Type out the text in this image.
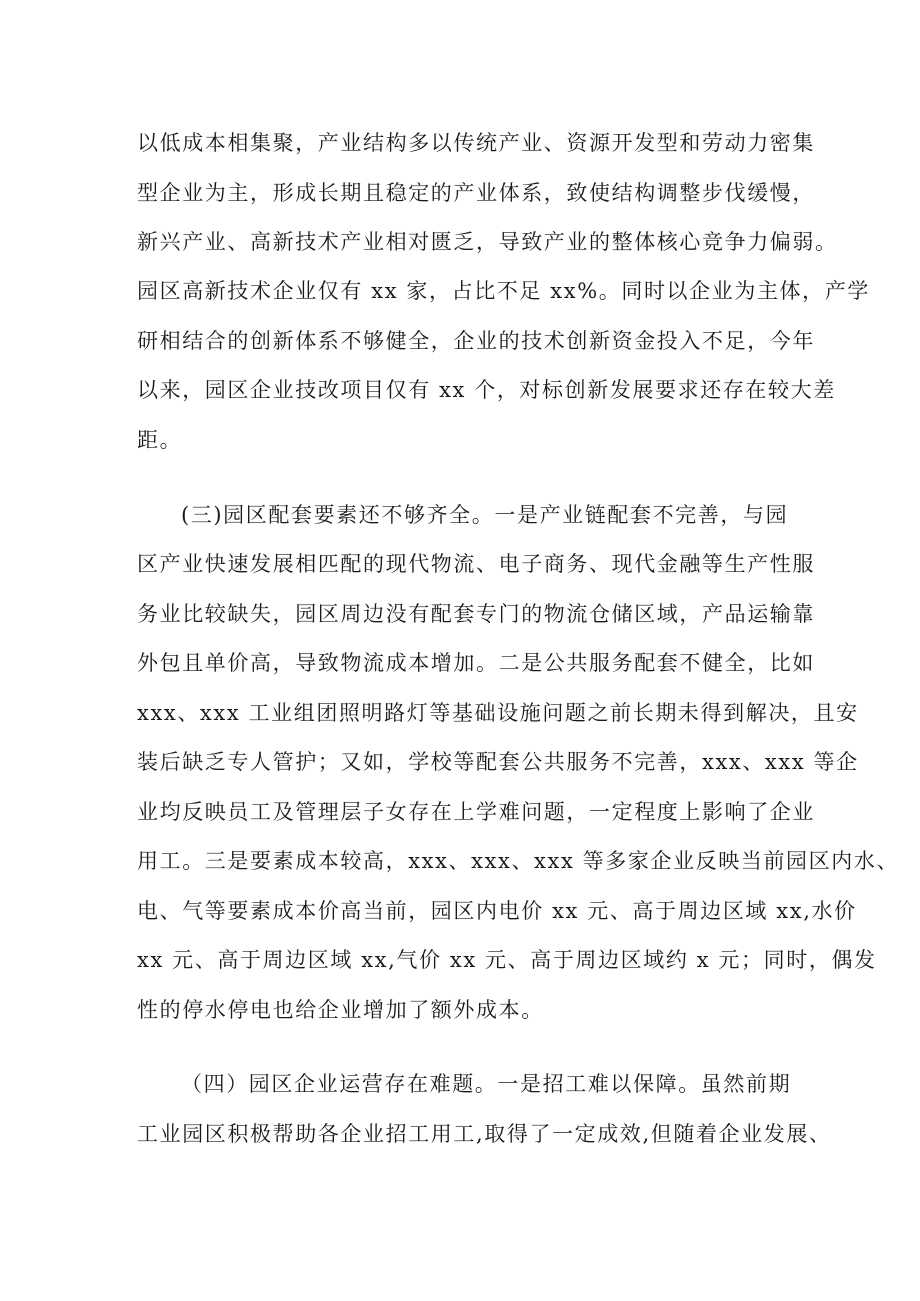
以低成本相集聚，产业结构多以传统产业、资源开发型和劳动力密集
型企业为主，形成长期且稳定的产业体系，致使结构调整步伐缓慢，
新兴产业、高新技术产业相对匮乏，导致产业的整体核心竞争力偏弱。
园区高新技术企业仅有 xx 家，占比不足 xx%。同时以企业为主体，产学
研相结合的创新体系不够健全，企业的技术创新资金投入不足，今年
以来，园区企业技改项目仅有 xx 个，对标创新发展要求还存在较大差
距。
(三)园区配套要素还不够齐全。一是产业链配套不完善，与园
区产业快速发展相匹配的现代物流、电子商务、现代金融等生产性服
务业比较缺失，园区周边没有配套专门的物流仓储区域，产品运输靠
外包且单价高，导致物流成本增加。二是公共服务配套不健全，比如
xxx、xxx 工业组团照明路灯等基础设施问题之前长期未得到解决，且安
装后缺乏专人管护；又如，学校等配套公共服务不完善，xxx、xxx 等企
业均反映员工及管理层子女存在上学难问题，一定程度上影响了企业
用工。三是要素成本较高，xxx、xxx、xxx 等多家企业反映当前园区内水、
电、气等要素成本价高当前，园区内电价 xx 元、高于周边区域 xx,水价
xx 元、高于周边区域 xx,气价 xx 元、高于周边区域约 x 元；同时，偶发
性的停水停电也给企业增加了额外成本。
（四）园区企业运营存在难题。一是招工难以保障。虽然前期
工业园区积极帮助各企业招工用工,取得了一定成效,但随着企业发展、
